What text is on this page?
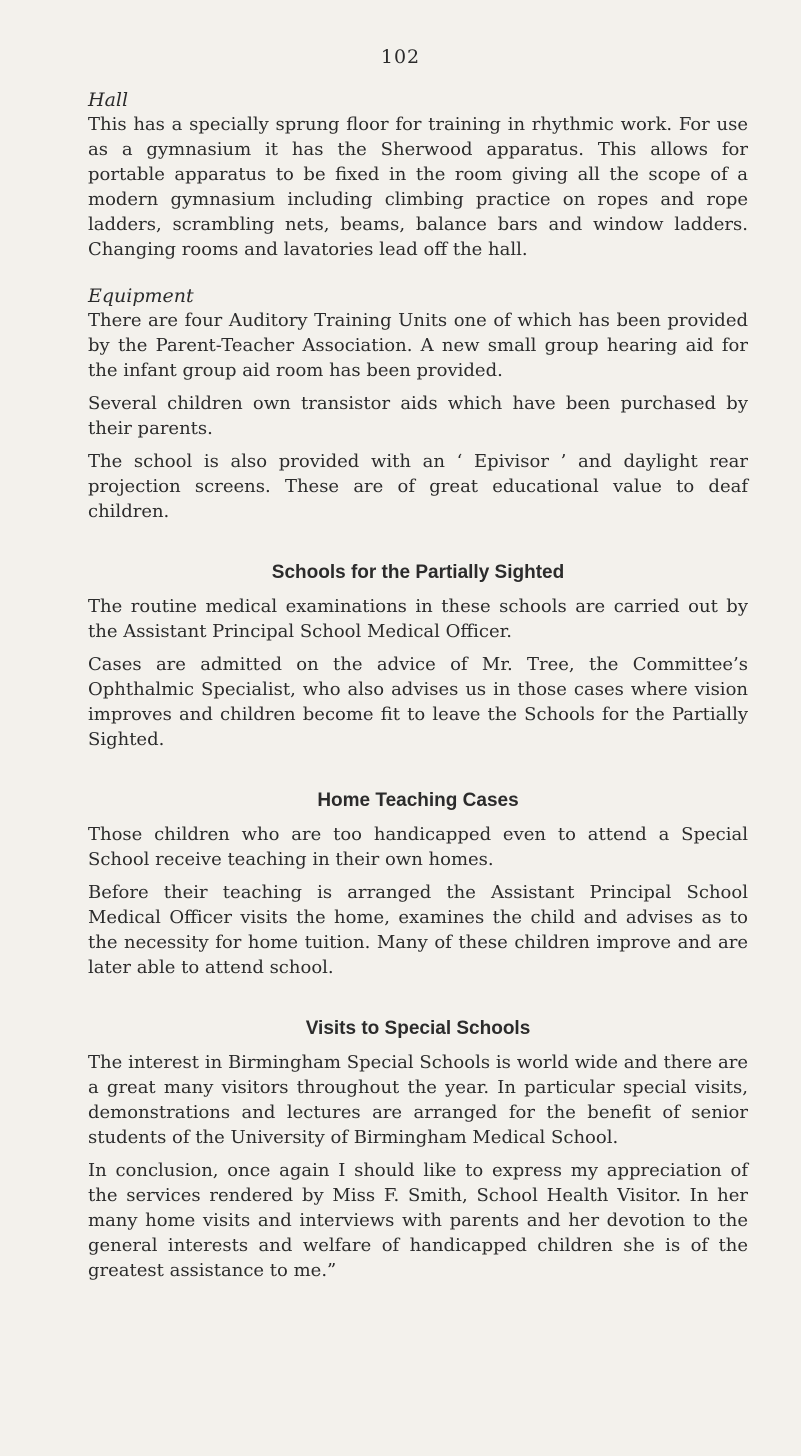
102
Hall

This has a specially sprung floor for training in rhythmic work. For use as a gymnasium it has the Sherwood apparatus. This allows for portable apparatus to be fixed in the room giving all the scope of a modern gymnasium including climbing practice on ropes and rope ladders, scrambling nets, beams, balance bars and window ladders. Changing rooms and lavatories lead off the hall.

Equipment

There are four Auditory Training Units one of which has been provided by the Parent-Teacher Association. A new small group hearing aid for the infant group aid room has been provided.

Several children own transistor aids which have been purchased by their parents.

The school is also provided with an ‘ Epivisor ’ and daylight rear projection screens. These are of great educational value to deaf children.

Schools for the Partially Sighted

The routine medical examinations in these schools are carried out by the Assistant Principal School Medical Officer.

Cases are admitted on the advice of Mr. Tree, the Committee’s Ophthalmic Specialist, who also advises us in those cases where vision improves and children become fit to leave the Schools for the Partially Sighted.

Home Teaching Cases

Those children who are too handicapped even to attend a Special School receive teaching in their own homes.

Before their teaching is arranged the Assistant Principal School Medical Officer visits the home, examines the child and advises as to the necessity for home tuition. Many of these children improve and are later able to attend school.

Visits to Special Schools

The interest in Birmingham Special Schools is world wide and there are a great many visitors throughout the year. In particular special visits, demonstrations and lectures are arranged for the benefit of senior students of the University of Birmingham Medical School.

In conclusion, once again I should like to express my appreciation of the services rendered by Miss F. Smith, School Health Visitor. In her many home visits and interviews with parents and her devotion to the general interests and welfare of handicapped children she is of the greatest assistance to me.”
